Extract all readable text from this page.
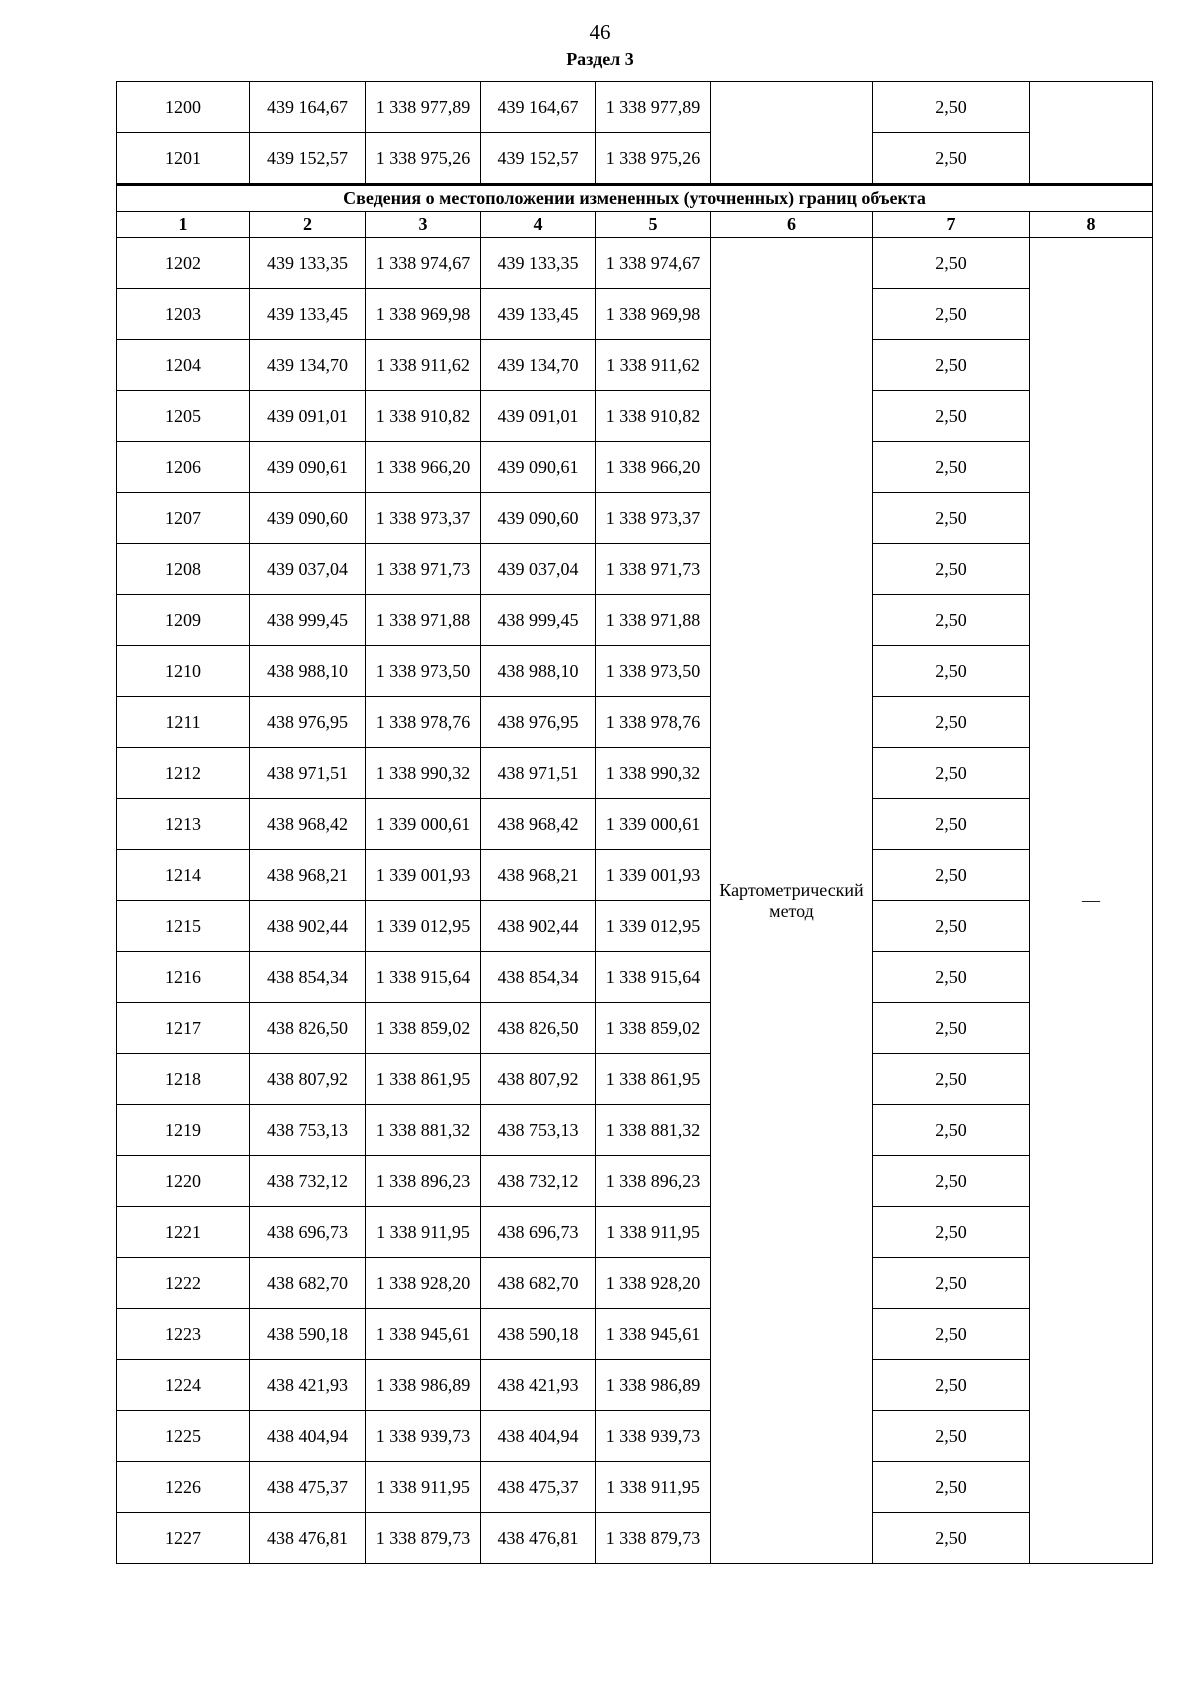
46
Раздел 3
1200	439 164,67	1 338 977,89	439 164,67	1 338 977,89		2,50	
1201	439 152,57	1 338 975,26	439 152,57	1 338 975,26		2,50	
Сведения о местоположении измененных (уточненных) границ объекта							
1	2	3	4	5	6	7	8
1202	439 133,35	1 338 974,67	439 133,35	1 338 974,67	Картометрический метод	2,50	—
1203	439 133,45	1 338 969,98	439 133,45	1 338 969,98		2,50	
1204	439 134,70	1 338 911,62	439 134,70	1 338 911,62		2,50	
1205	439 091,01	1 338 910,82	439 091,01	1 338 910,82		2,50	
1206	439 090,61	1 338 966,20	439 090,61	1 338 966,20		2,50	
1207	439 090,60	1 338 973,37	439 090,60	1 338 973,37		2,50	
1208	439 037,04	1 338 971,73	439 037,04	1 338 971,73		2,50	
1209	438 999,45	1 338 971,88	438 999,45	1 338 971,88		2,50	
1210	438 988,10	1 338 973,50	438 988,10	1 338 973,50		2,50	
1211	438 976,95	1 338 978,76	438 976,95	1 338 978,76		2,50	
1212	438 971,51	1 338 990,32	438 971,51	1 338 990,32		2,50	
1213	438 968,42	1 339 000,61	438 968,42	1 339 000,61		2,50	
1214	438 968,21	1 339 001,93	438 968,21	1 339 001,93		2,50	
1215	438 902,44	1 339 012,95	438 902,44	1 339 012,95		2,50	
1216	438 854,34	1 338 915,64	438 854,34	1 338 915,64		2,50	
1217	438 826,50	1 338 859,02	438 826,50	1 338 859,02		2,50	
1218	438 807,92	1 338 861,95	438 807,92	1 338 861,95		2,50	
1219	438 753,13	1 338 881,32	438 753,13	1 338 881,32		2,50	
1220	438 732,12	1 338 896,23	438 732,12	1 338 896,23		2,50	
1221	438 696,73	1 338 911,95	438 696,73	1 338 911,95		2,50	
1222	438 682,70	1 338 928,20	438 682,70	1 338 928,20		2,50	
1223	438 590,18	1 338 945,61	438 590,18	1 338 945,61		2,50	
1224	438 421,93	1 338 986,89	438 421,93	1 338 986,89		2,50	
1225	438 404,94	1 338 939,73	438 404,94	1 338 939,73		2,50	
1226	438 475,37	1 338 911,95	438 475,37	1 338 911,95		2,50	
1227	438 476,81	1 338 879,73	438 476,81	1 338 879,73		2,50	
